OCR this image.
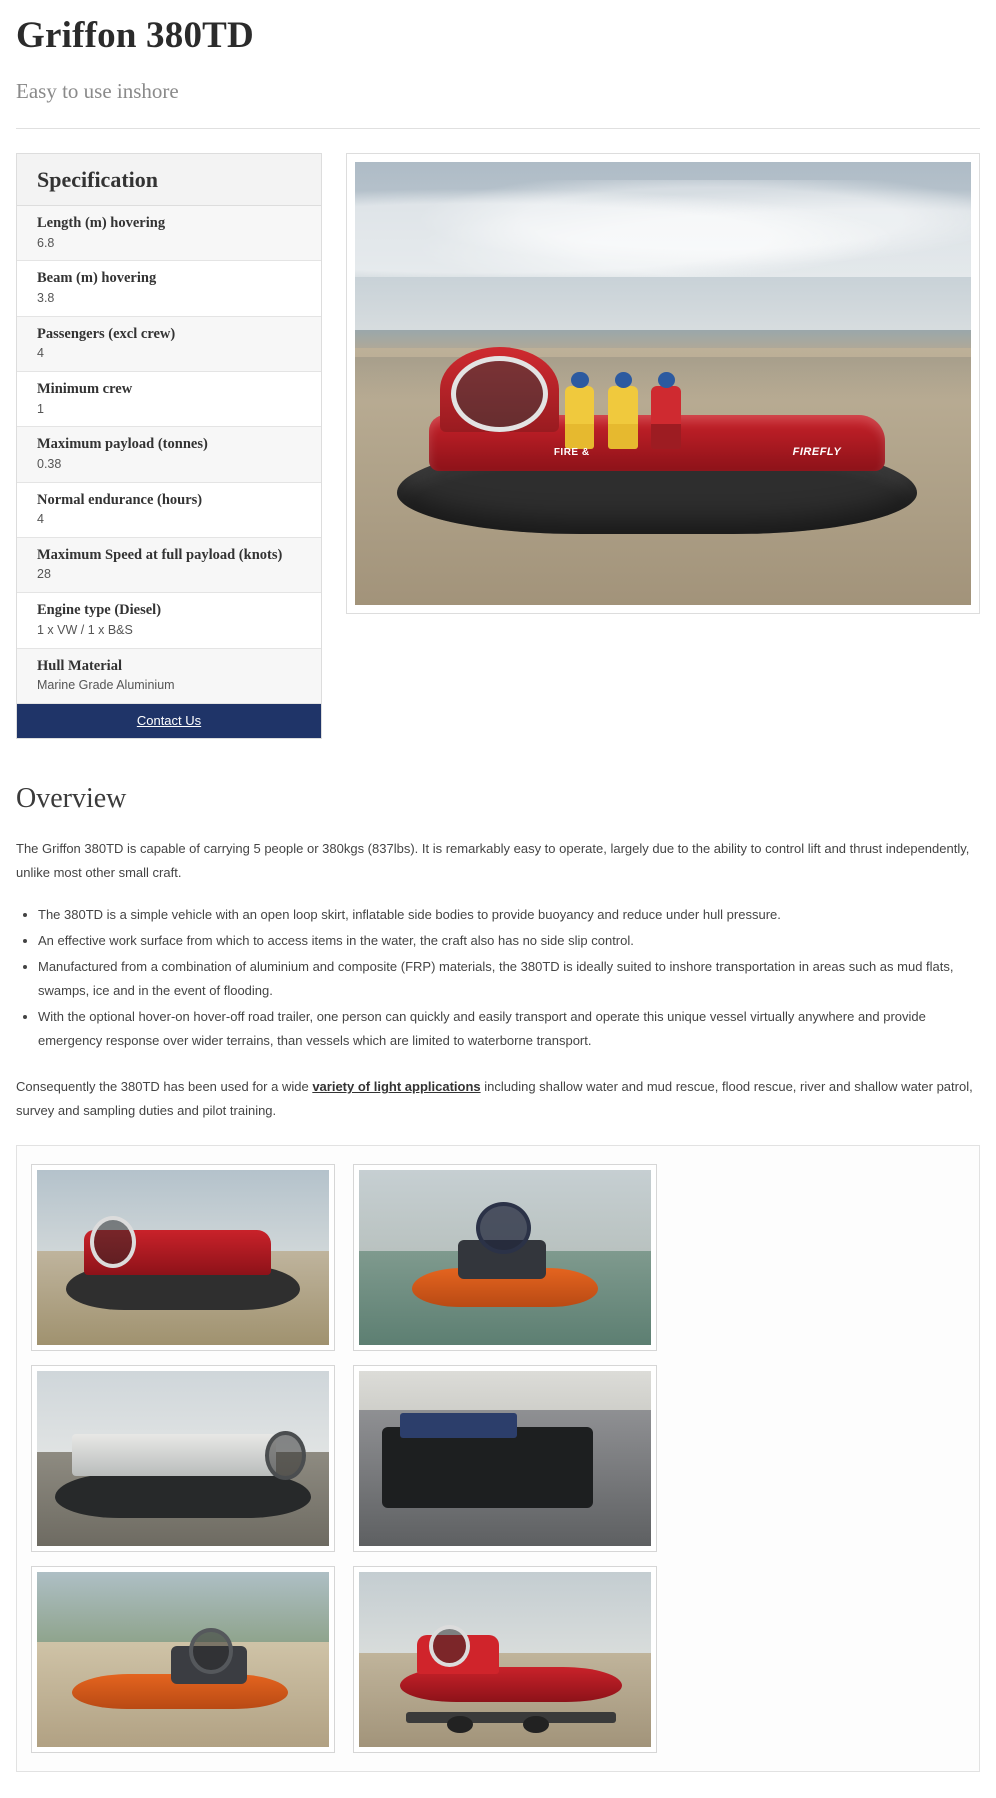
Griffon 380TD
Easy to use inshore
Specification
Length (m) hovering
6.8
Beam (m) hovering
3.8
Passengers (excl crew)
4
Minimum crew
1
Maximum payload (tonnes)
0.38
Normal endurance (hours)
4
Maximum Speed at full payload (knots)
28
Engine type (Diesel)
1 x VW / 1 x B&S
Hull Material
Marine Grade Aluminium
Contact Us
FIRE &	FIREFLY
Overview

The Griffon 380TD is capable of carrying 5 people or 380kgs (837lbs). It is remarkably easy to operate, largely due to the ability to control lift and thrust independently, unlike most other small craft.

• The 380TD is a simple vehicle with an open loop skirt, inflatable side bodies to provide buoyancy and reduce under hull pressure.
• An effective work surface from which to access items in the water, the craft also has no side slip control.
• Manufactured from a combination of aluminium and composite (FRP) materials, the 380TD is ideally suited to inshore transportation in areas such as mud flats, swamps, ice and in the event of flooding.
• With the optional hover-on hover-off road trailer, one person can quickly and easily transport and operate this unique vessel virtually anywhere and provide emergency response over wider terrains, than vessels which are limited to waterborne transport.

Consequently the 380TD has been used for a wide variety of light applications including shallow water and mud rescue, flood rescue, river and shallow water patrol, survey and sampling duties and pilot training.
